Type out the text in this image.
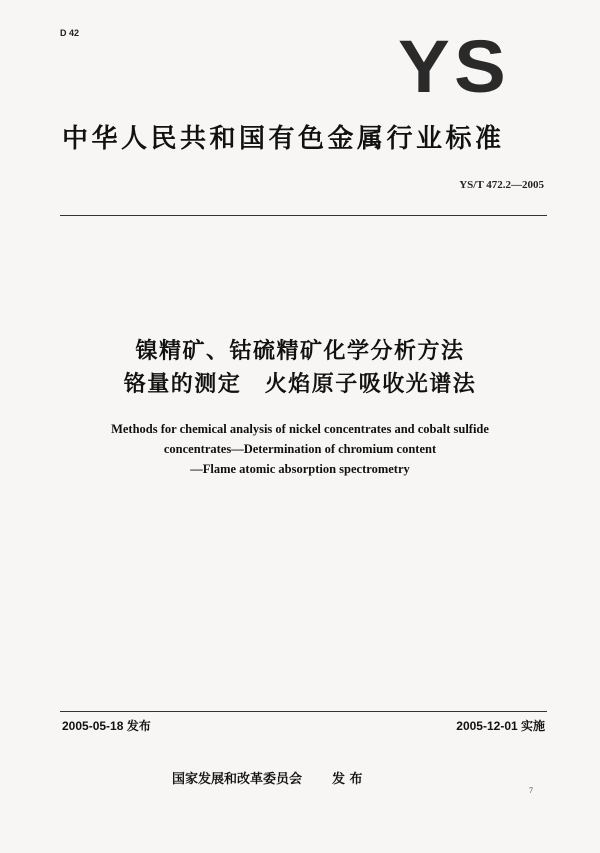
D 42	YS
中华人民共和国有色金属行业标准
YS/T 472.2—2005
镍精矿、钴硫精矿化学分析方法
铬量的测定　火焰原子吸收光谱法
Methods for chemical analysis of nickel concentrates and cobalt sulfide
concentrates—Determination of chromium content
—Flame atomic absorption spectrometry
2005-05-18 发布	2005-12-01 实施
国家发展和改革委员会 发 布
7
